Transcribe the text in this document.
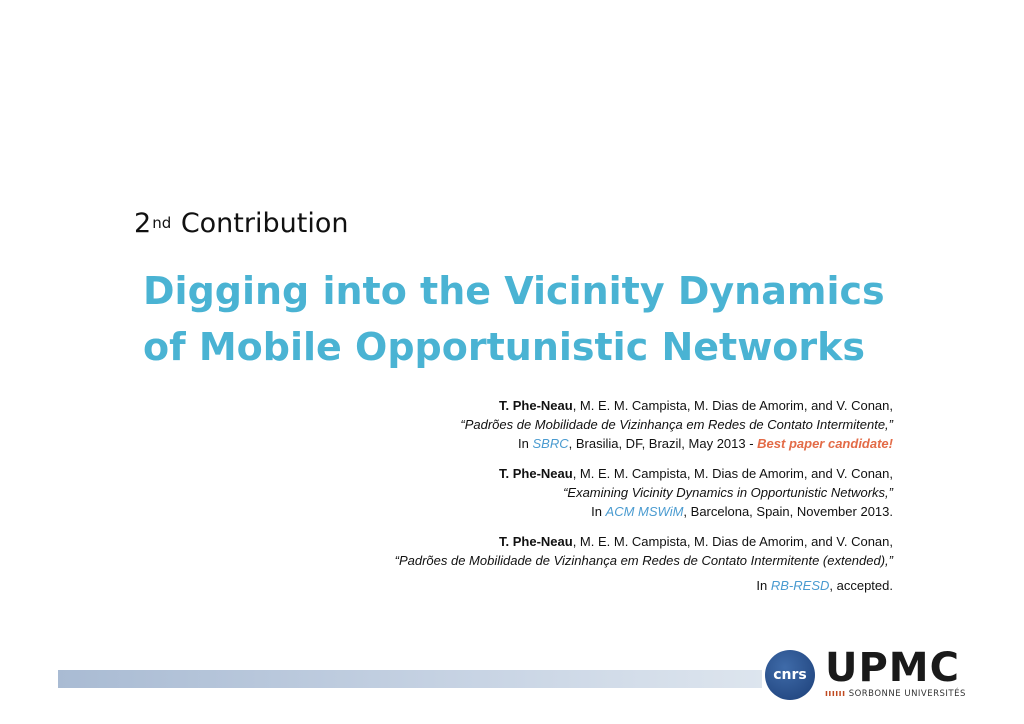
2nd Contribution
Digging into the Vicinity Dynamics
of Mobile Opportunistic Networks
T. Phe-Neau, M. E. M. Campista, M. Dias de Amorim, and V. Conan,
“Padrões de Mobilidade de Vizinhança em Redes de Contato Intermitente,”
In SBRC, Brasilia, DF, Brazil, May 2013 - Best paper candidate!
T. Phe-Neau, M. E. M. Campista, M. Dias de Amorim, and V. Conan,
“Examining Vicinity Dynamics in Opportunistic Networks,”
In ACM MSWiM, Barcelona, Spain, November 2013.
T. Phe-Neau, M. E. M. Campista, M. Dias de Amorim, and V. Conan,
“Padrões de Mobilidade de Vizinhança em Redes de Contato Intermitente (extended),”
In RB-RESD, accepted.
cnrs UPMC
ıııııı SORBONNE UNIVERSITÉS
